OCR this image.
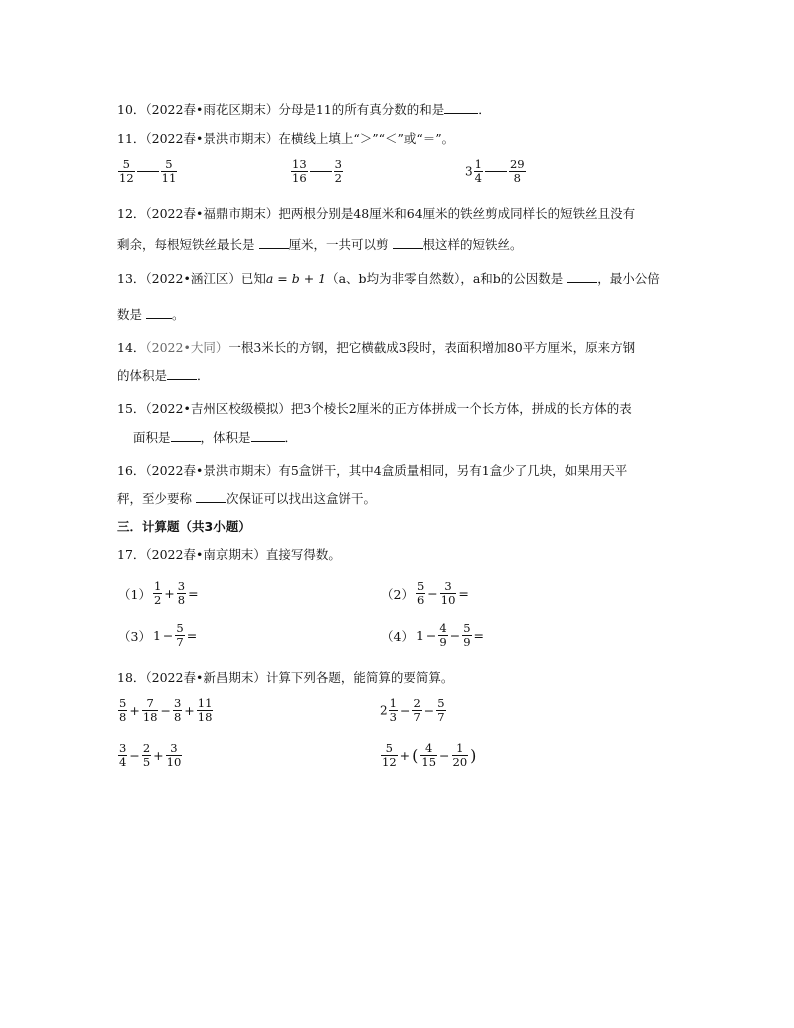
10．（2022春•雨花区期末）分母是11的所有真分数的和是	．
11．（2022春•景洪市期末）在横线上填上“＞”“＜”或“＝”。
$\frac{5}{12} \frac{5}{11}$	$\frac{13}{16} \frac{3}{2}$	$3 \frac{1}{4} \frac{29}{8}$
12．（2022春•福鼎市期末）把两根分别是48厘米和64厘米的铁丝剪成同样长的短铁丝且没有
剩余，每根短铁丝最长是	厘米，一共可以剪	根这样的短铁丝。
13．（2022•涵江区）已知a = b + 1（a、b均为非零自然数），a和b的公因数是	，最小公倍
数是 。
14．（2022•大同）一根3米长的方钢，把它横截成3段时，表面积增加80平方厘米，原来方钢
的体积是 ．
15．（2022•吉州区校级模拟）把3个棱长2厘米的正方体拼成一个长方体，拼成的长方体的表
面积是 ，体积是	．
16．（2022春•景洪市期末）有5盒饼干，其中4盒质量相同，另有1盒少了几块，如果用天平
秤，至少要称	次保证可以找出这盒饼干。
三．计算题（共3小题）
17．（2022春•南京期末）直接写得数。
$(1) \frac{1}{2} + \frac{3}{8}$ =	$(2) \frac{5}{6} - \frac{3}{10}$ =
（3） $1 - \frac{5}{7}$ =	（4） $1 - \frac{4}{9} - \frac{5}{9}$ =
18．（2022春•新昌期末）计算下列各题，能简算的要简算。
$\frac{5}{8} + \frac{7}{18} - \frac{3}{8} + \frac{11}{18}$	$2 \frac{1}{3} - \frac{2}{7} - \frac{5}{7}$
$\frac{3}{4} - \frac{2}{5} + \frac{3}{10}$	$\frac{5}{12}$ + ( $\frac{4}{15} - \frac{1}{20}$ )
